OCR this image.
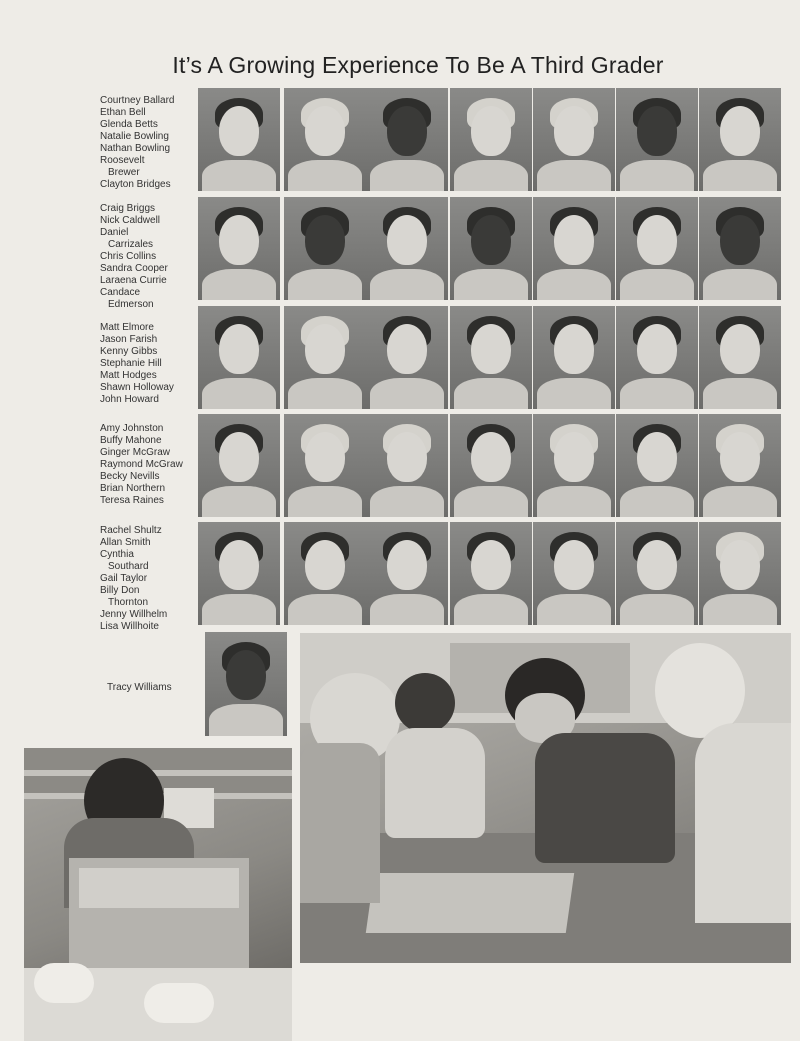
It’s A Growing Experience To Be A Third Grader
Courtney Ballard
Ethan Bell
Glenda Betts
Natalie Bowling
Nathan Bowling
Roosevelt
Brewer
Clayton Bridges
Craig Briggs
Nick Caldwell
Daniel
Carrizales
Chris Collins
Sandra Cooper
Laraena Currie
Candace
Edmerson
Matt Elmore
Jason Farish
Kenny Gibbs
Stephanie Hill
Matt Hodges
Shawn Holloway
John Howard
Amy Johnston
Buffy Mahone
Ginger McGraw
Raymond McGraw
Becky Nevills
Brian Northern
Teresa Raines
Rachel Shultz
Allan Smith
Cynthia
Southard
Gail Taylor
Billy Don
Thornton
Jenny Willhelm
Lisa Willhoite
Tracy Williams
